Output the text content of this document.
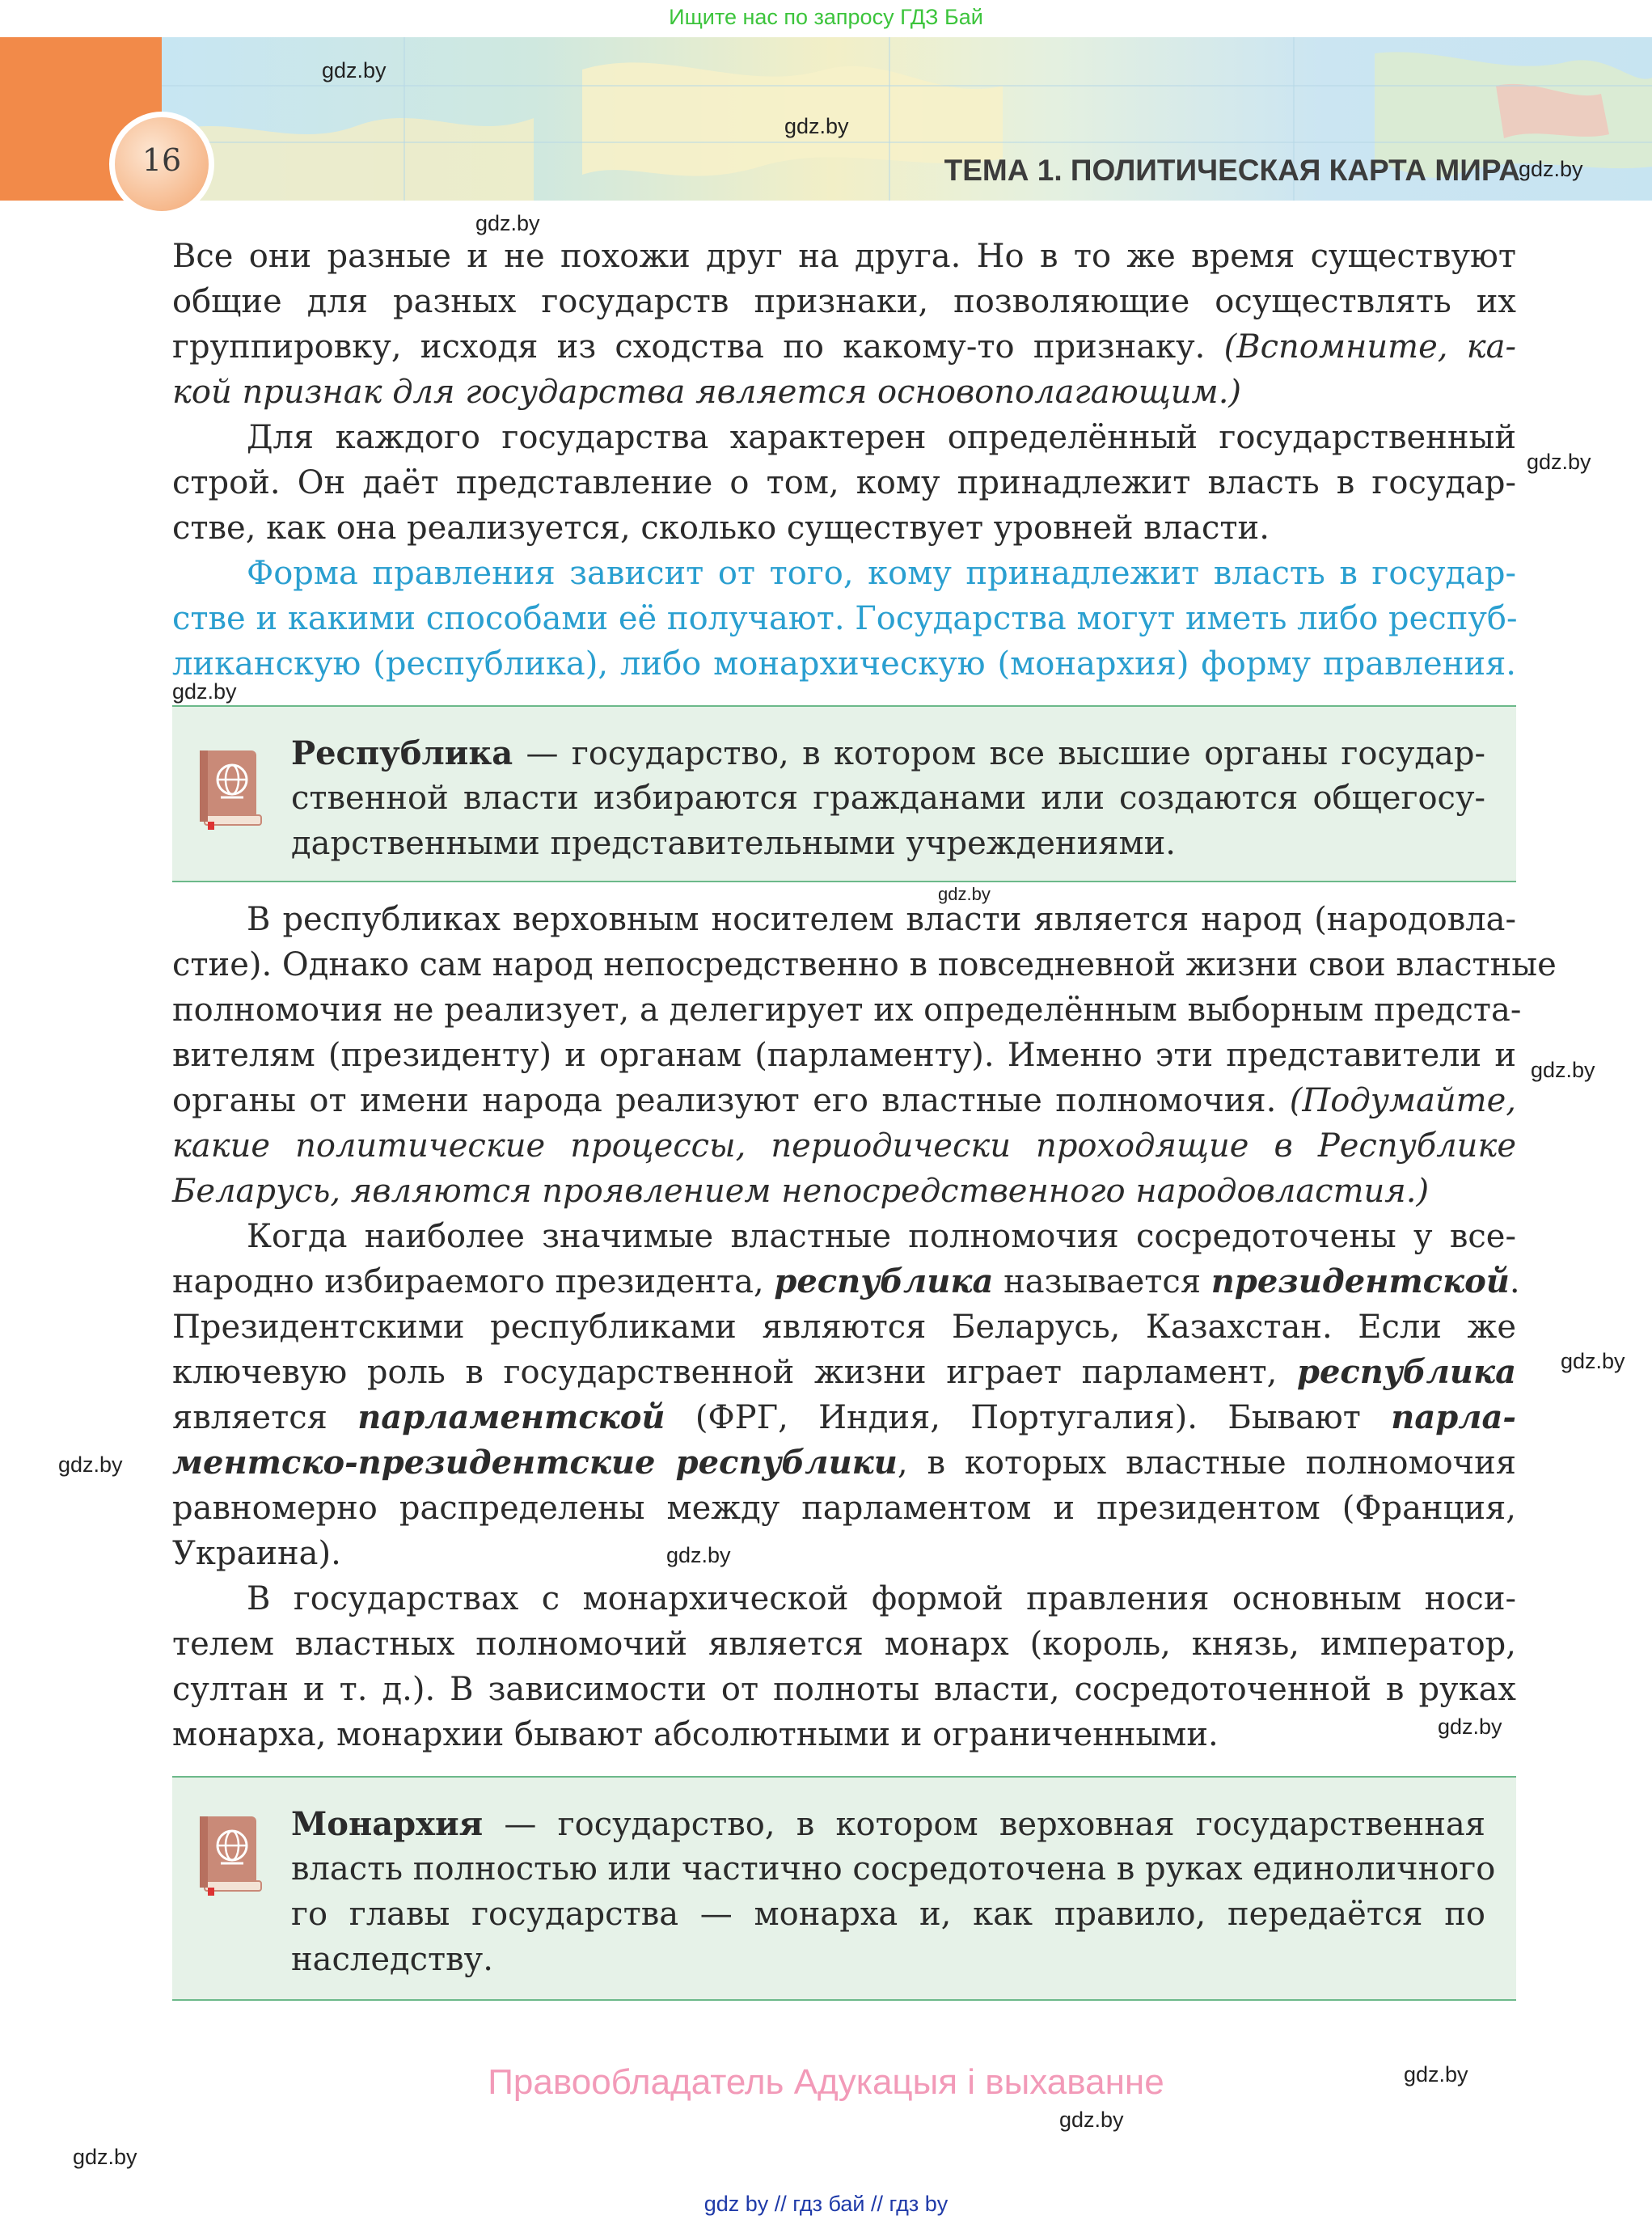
Ищите нас по запросу ГДЗ Бай
16	ТЕМА 1. ПОЛИТИЧЕСКАЯ КАРТА МИРА
gdz.by
gdz.by
gdz.by
gdz.by
gdz.by
gdz.by
gdz.by
gdz.by
gdz.by
gdz.by
gdz.by
gdz.by
gdz.by
gdz.by
gdz.by
Все они разные и не похожи друг на друга. Но в то же время существуют
общие для разных государств признаки, позволяющие осуществлять их
группировку, исходя из сходства по какому-то признаку. (Вспомните, ка-
кой признак для государства является основополагающим.)
Для каждого государства характерен определённый государственный
строй. Он даёт представление о том, кому принадлежит власть в государ-
стве, как она реализуется, сколько существует уровней власти.
Форма правления зависит от того, кому принадлежит власть в государ-
стве и какими способами её получают. Государства могут иметь либо респуб-
ликанскую (республика), либо монархическую (монархия) форму правления.
Республика — государство, в котором все высшие органы государ-
ственной власти избираются гражданами или создаются общегосу-
дарственными представительными учреждениями.
В республиках верховным носителем власти является народ (народовла-
стие). Однако сам народ непосредственно в повседневной жизни свои властные
полномочия не реализует, а делегирует их определённым выборным предста-
вителям (президенту) и органам (парламенту). Именно эти представители и
органы от имени народа реализуют его властные полномочия. (Подумайте,
какие политические процессы, периодически проходящие в Республике
Беларусь, являются проявлением непосредственного народовластия.)
Когда наиболее значимые властные полномочия сосредоточены у все-
народно избираемого президента, республика называется президентской.
Президентскими республиками являются Беларусь, Казахстан. Если же
ключевую роль в государственной жизни играет парламент, республика
является парламентской (ФРГ, Индия, Португалия). Бывают парла-
ментско-президентские республики, в которых властные полномочия
равномерно распределены между парламентом и президентом (Франция,
Украина).
В государствах с монархической формой правления основным носи-
телем властных полномочий является монарх (король, князь, император,
султан и т. д.). В зависимости от полноты власти, сосредоточенной в руках
монарха, монархии бывают абсолютными и ограниченными.
Монархия — государство, в котором верховная государственная
власть полностью или частично сосредоточена в руках единоличного
го главы государства — монарха и, как правило, передаётся по
наследству.
Правообладатель Адукацыя і выхаванне
gdz by // гдз бай // гдз by
